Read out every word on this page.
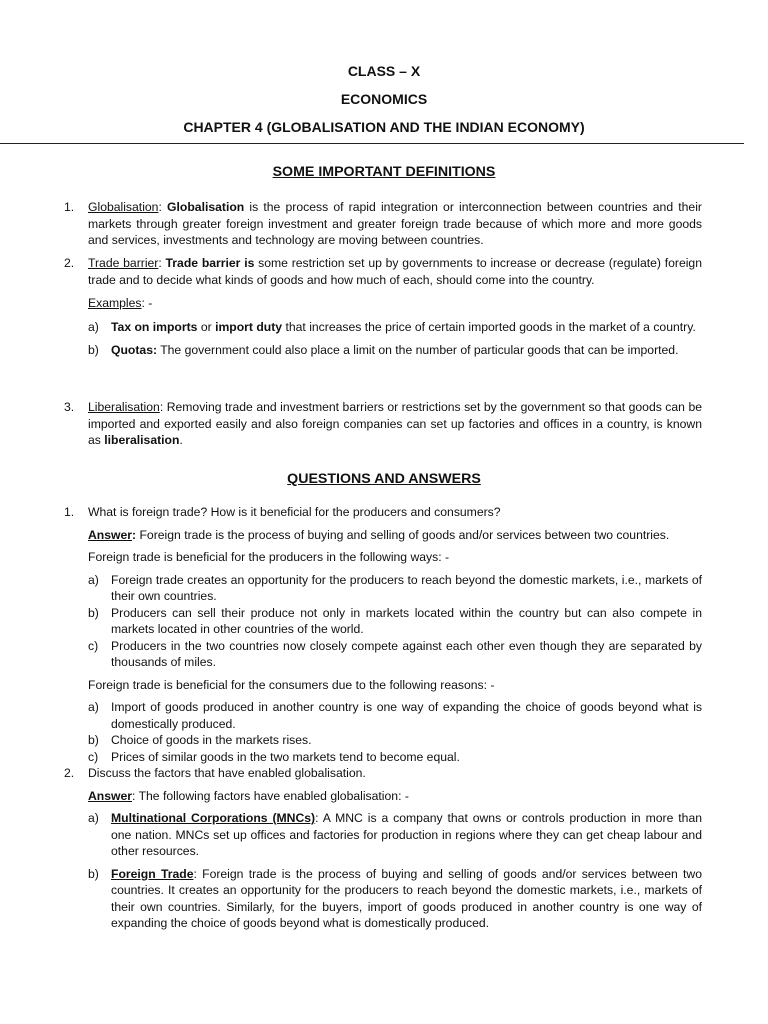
CLASS – X
ECONOMICS
CHAPTER 4 (GLOBALISATION AND THE INDIAN ECONOMY)
SOME IMPORTANT DEFINITIONS

1. Globalisation: Globalisation is the process of rapid integration or interconnection between countries and their markets through greater foreign investment and greater foreign trade because of which more and more goods and services, investments and technology are moving between countries.

2. Trade barrier: Trade barrier is some restriction set up by governments to increase or decrease (regulate) foreign trade and to decide what kinds of goods and how much of each, should come into the country.

Examples: -

a) Tax on imports or import duty that increases the price of certain imported goods in the market of a country.

b) Quotas: The government could also place a limit on the number of particular goods that can be imported.

3. Liberalisation: Removing trade and investment barriers or restrictions set by the government so that goods can be imported and exported easily and also foreign companies can set up factories and offices in a country, is known as liberalisation.

QUESTIONS AND ANSWERS

1. What is foreign trade? How is it beneficial for the producers and consumers?

Answer: Foreign trade is the process of buying and selling of goods and/or services between two countries.

Foreign trade is beneficial for the producers in the following ways: -

a) Foreign trade creates an opportunity for the producers to reach beyond the domestic markets, i.e., markets of their own countries.

b) Producers can sell their produce not only in markets located within the country but can also compete in markets located in other countries of the world.

c) Producers in the two countries now closely compete against each other even though they are separated by thousands of miles.

Foreign trade is beneficial for the consumers due to the following reasons: -

a) Import of goods produced in another country is one way of expanding the choice of goods beyond what is domestically produced.

b) Choice of goods in the markets rises.

c) Prices of similar goods in the two markets tend to become equal.

2. Discuss the factors that have enabled globalisation.

Answer: The following factors have enabled globalisation: -

a) Multinational Corporations (MNCs): A MNC is a company that owns or controls production in more than one nation. MNCs set up offices and factories for production in regions where they can get cheap labour and other resources.

b) Foreign Trade: Foreign trade is the process of buying and selling of goods and/or services between two countries. It creates an opportunity for the producers to reach beyond the domestic markets, i.e., markets of their own countries. Similarly, for the buyers, import of goods produced in another country is one way of expanding the choice of goods beyond what is domestically produced.
